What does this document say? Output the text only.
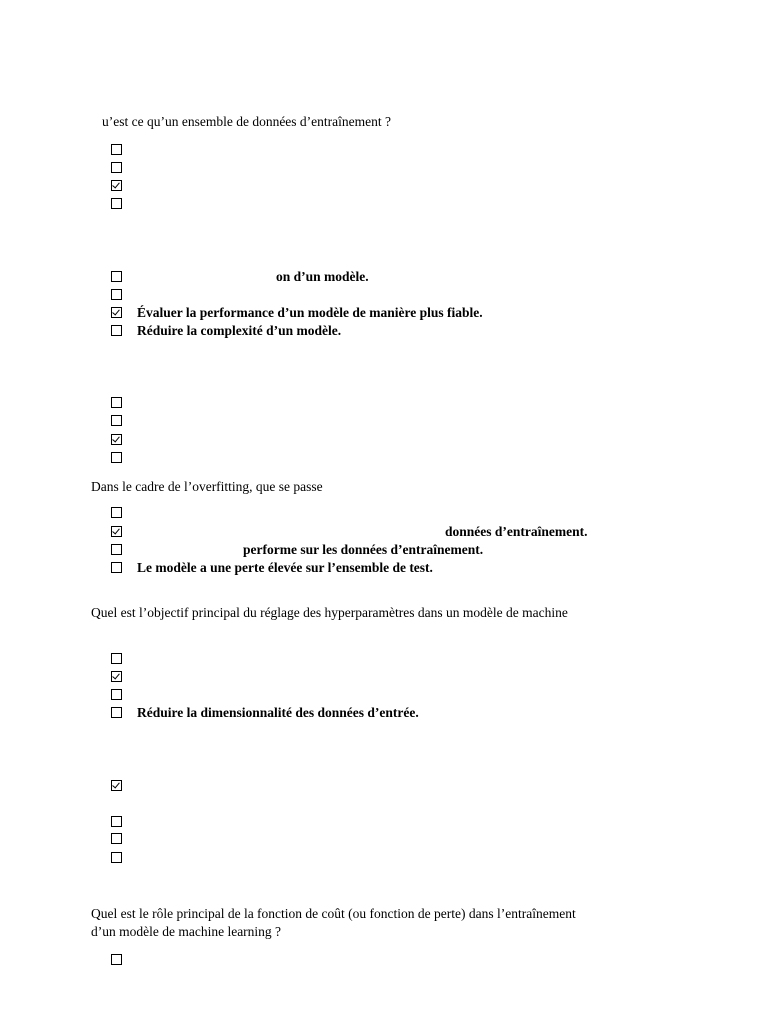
u’est ce qu’un ensemble de données d’entraînement ?
on d’un modèle.
Évaluer la performance d’un modèle de manière plus fiable.
Réduire la complexité d’un modèle.
Dans le cadre de l’overfitting, que se passe
données d’entraînement.
performe sur les données d’entraînement.
Le modèle a une perte élevée sur l’ensemble de test.
Quel est l’objectif principal du réglage des hyperparamètres dans un modèle de machine
Réduire la dimensionnalité des données d’entrée.
Quel est le rôle principal de la fonction de coût (ou fonction de perte) dans l’entraînement
d’un modèle de machine learning ?
